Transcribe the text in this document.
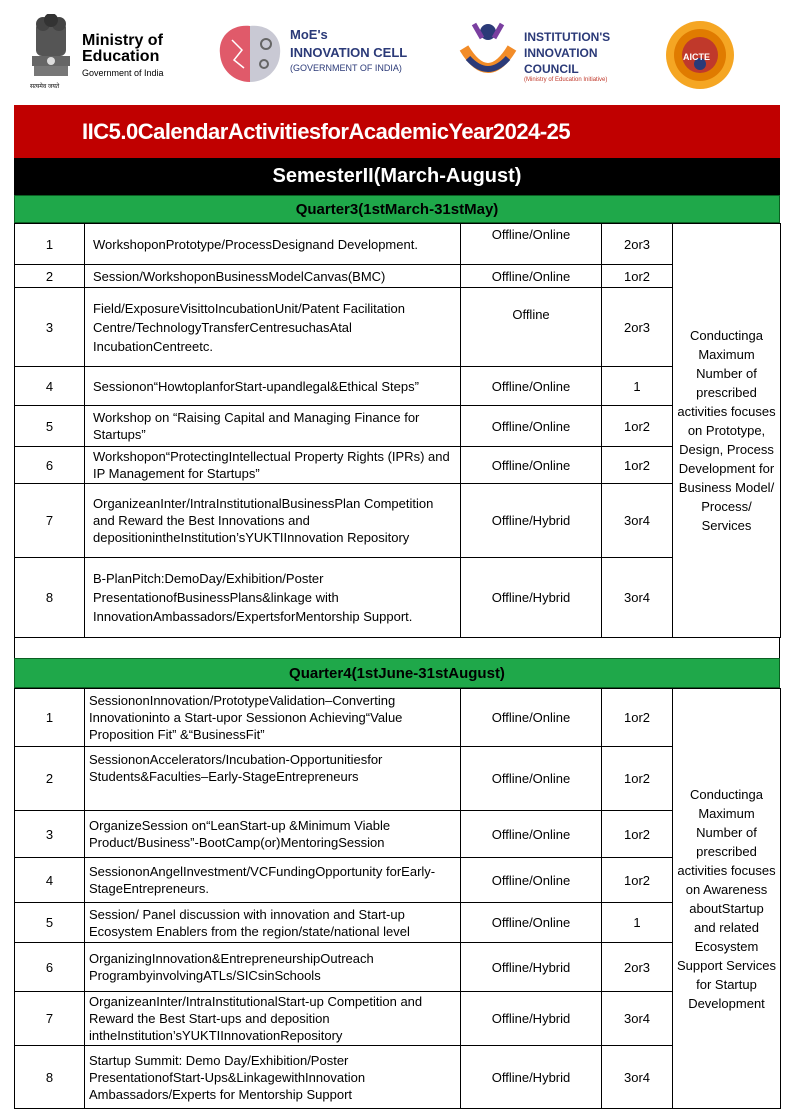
Ministry of Education
Government of India
सत्यमेव जयते
MoE's
INNOVATION CELL
(GOVERNMENT OF INDIA)
INSTITUTION'S
INNOVATION
COUNCIL
(Ministry of Education Initiative)
AICTE
IIC5.0CalendarActivitiesforAcademicYear2024-25
SemesterII(March-August)
Quarter3(1stMarch-31stMay)
1	WorkshoponPrototype/ProcessDesignand Development.	Offline/Online	2or3	Conductinga Maximum Number of prescribed activities focuses on Prototype, Design, Process Development for Business Model/ Process/ Services
2	Session/WorkshoponBusinessModelCanvas(BMC)	Offline/Online	1or2	
3	Field/ExposureVisittoIncubationUnit/Patent Facilitation Centre/TechnologyTransferCentresuchasAtal IncubationCentreetc.	Offline	2or3	
4	Sessionon“HowtoplanforStart-upandlegal&Ethical Steps”	Offline/Online	1	
5	Workshop on “Raising Capital and Managing Finance for Startups”	Offline/Online	1or2	
6	Workshopon“ProtectingIntellectual Property Rights (IPRs) and IP Management for Startups”	Offline/Online	1or2	
7	OrganizeanInter/IntraInstitutionalBusinessPlan Competition and Reward the Best Innovations and depositionintheInstitution’sYUKTIInnovation Repository	Offline/Hybrid	3or4	
8	B-PlanPitch:DemoDay/Exhibition/Poster PresentationofBusinessPlans&linkage with InnovationAmbassadors/ExpertsforMentorship Support.	Offline/Hybrid	3or4	
Quarter4(1stJune-31stAugust)
1	SessiononInnovation/PrototypeValidation–Converting Innovationinto a Start-upor Sessionon Achieving“Value Proposition Fit” &“BusinessFit”	Offline/Online	1or2	Conductinga Maximum Number of prescribed activities focuses on Awareness aboutStartup and related Ecosystem Support Services for Startup Development
2	SessiononAccelerators/Incubation-Opportunitiesfor Students&Faculties–Early-StageEntrepreneurs	Offline/Online	1or2	
3	OrganizeSession on“LeanStart-up &Minimum Viable Product/Business”-BootCamp(or)MentoringSession	Offline/Online	1or2	
4	SessiononAngelInvestment/VCFundingOpportunity forEarly-StageEntrepreneurs.	Offline/Online	1or2	
5	Session/ Panel discussion with innovation and Start-up Ecosystem Enablers from the region/state/national level	Offline/Online	1	
6	OrganizingInnovation&EntrepreneurshipOutreach ProgrambyinvolvingATLs/SICsinSchools	Offline/Hybrid	2or3	
7	OrganizeanInter/IntraInstitutionalStart-up Competition and Reward the Best Start-ups and deposition intheInstitution’sYUKTIInnovationRepository	Offline/Hybrid	3or4	
8	Startup Summit: Demo Day/Exhibition/Poster PresentationofStart-Ups&LinkagewithInnovation Ambassadors/Experts for Mentorship Support	Offline/Hybrid	3or4	
